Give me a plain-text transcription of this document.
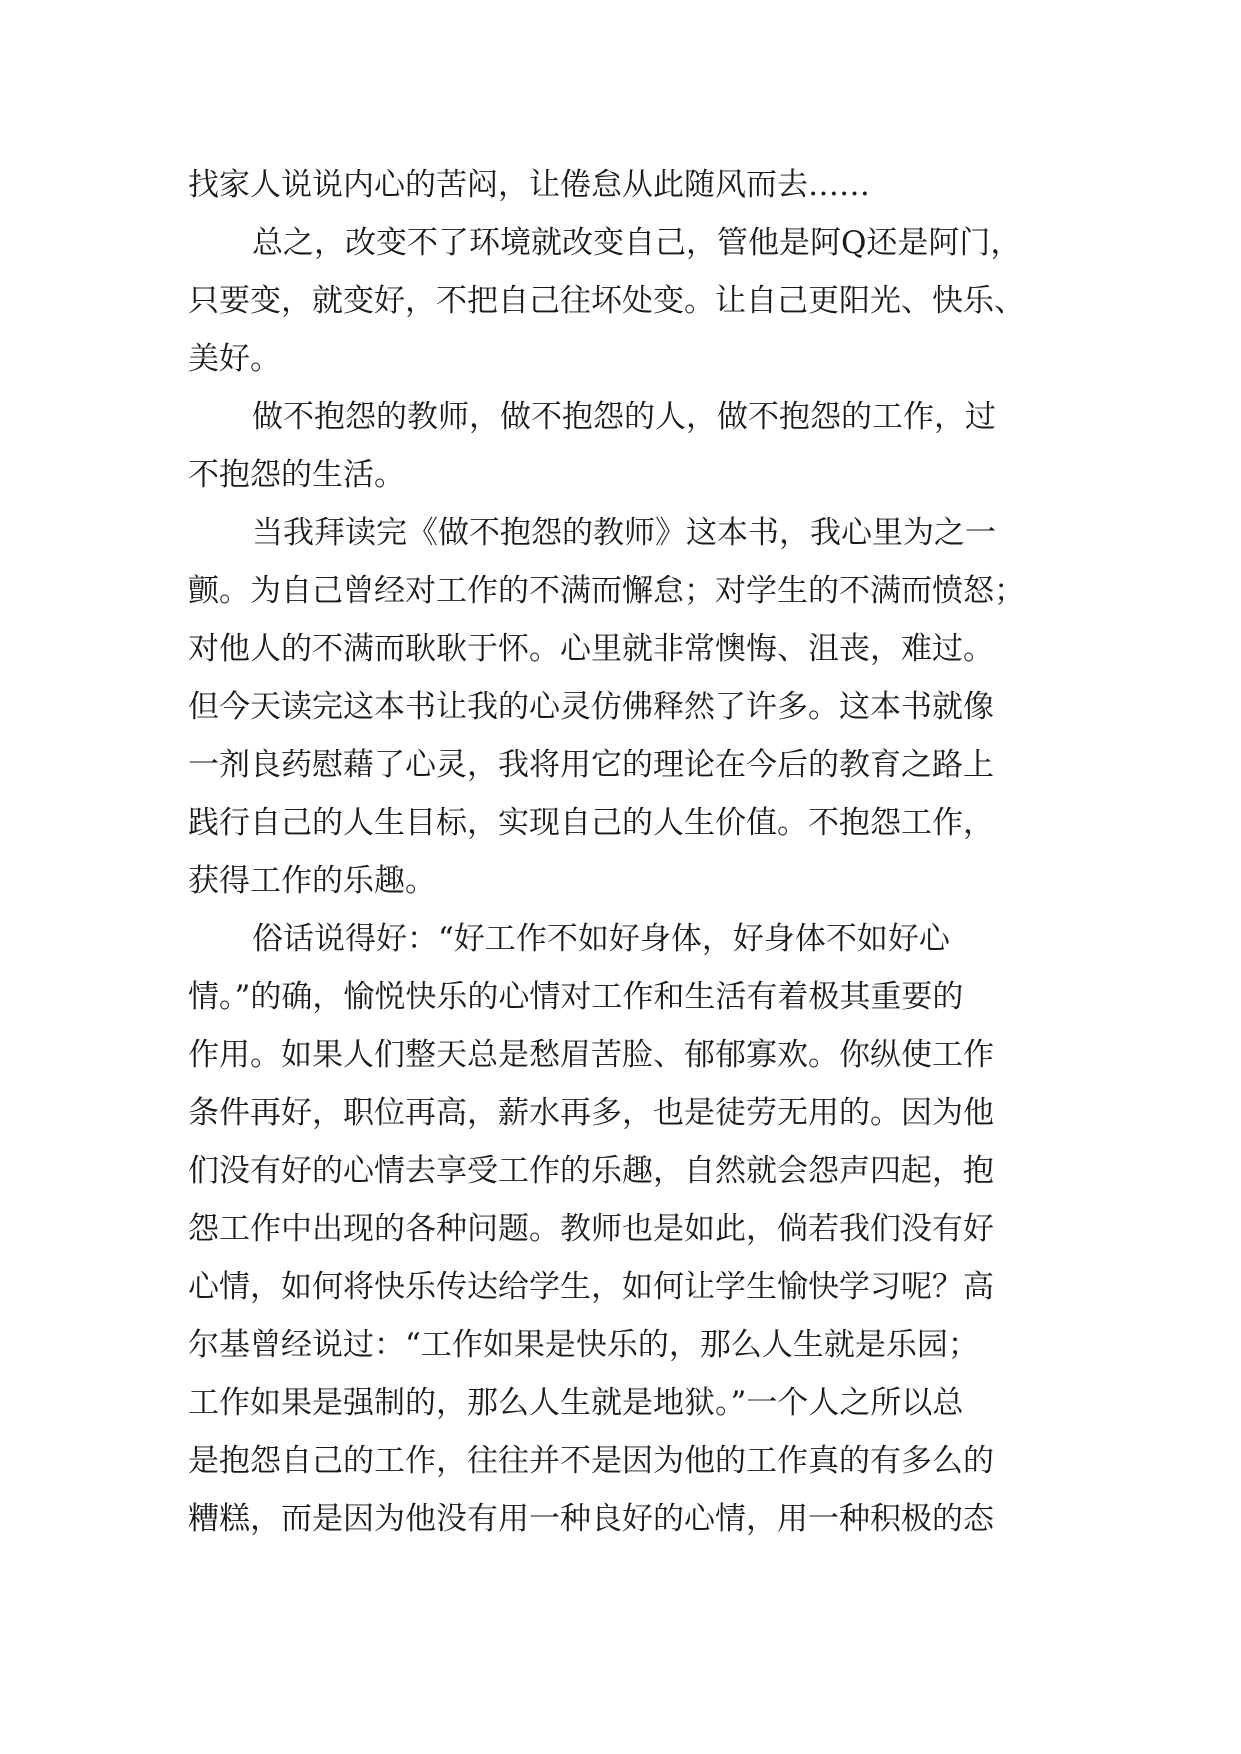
找家人说说内心的苦闷，让倦怠从此随风而去……
总之，改变不了环境就改变自己，管他是阿Q还是阿门，
只要变，就变好，不把自己往坏处变。让自己更阳光、快乐、
美好。
做不抱怨的教师，做不抱怨的人，做不抱怨的工作，过
不抱怨的生活。
当我拜读完《做不抱怨的教师》这本书，我心里为之一
颤。为自己曾经对工作的不满而懈怠；对学生的不满而愤怒；
对他人的不满而耿耿于怀。心里就非常懊悔、沮丧，难过。
但今天读完这本书让我的心灵仿佛释然了许多。这本书就像
一剂良药慰藉了心灵，我将用它的理论在今后的教育之路上
践行自己的人生目标，实现自己的人生价值。不抱怨工作，
获得工作的乐趣。
俗话说得好：“好工作不如好身体，好身体不如好心
情。”的确，愉悦快乐的心情对工作和生活有着极其重要的
作用。如果人们整天总是愁眉苦脸、郁郁寡欢。你纵使工作
条件再好，职位再高，薪水再多，也是徒劳无用的。因为他
们没有好的心情去享受工作的乐趣，自然就会怨声四起，抱
怨工作中出现的各种问题。教师也是如此，倘若我们没有好
心情，如何将快乐传达给学生，如何让学生愉快学习呢？高
尔基曾经说过：“工作如果是快乐的，那么人生就是乐园；
工作如果是强制的，那么人生就是地狱。”一个人之所以总
是抱怨自己的工作，往往并不是因为他的工作真的有多么的
糟糕，而是因为他没有用一种良好的心情，用一种积极的态
